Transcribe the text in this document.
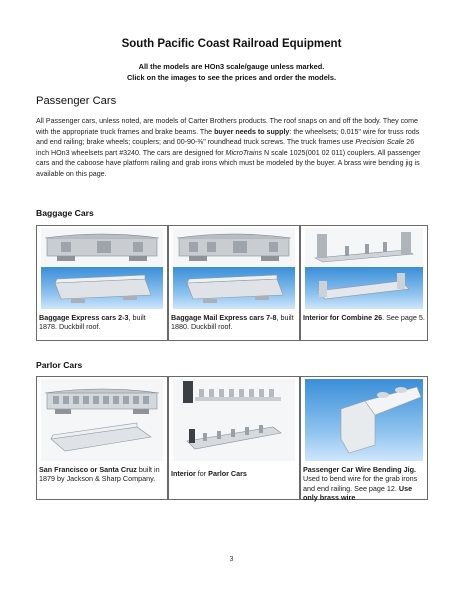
South Pacific Coast Railroad Equipment
All the models are HOn3 scale/gauge unless marked.
Click on the images to see the prices and order the models.
Passenger Cars
All Passenger cars, unless noted, are models of Carter Brothers products. The roof snaps on and off the body. They come with the appropriate truck frames and brake beams. The buyer needs to supply: the wheelsets; 0.015" wire for truss rods and end railing; brake wheels; couplers; and 00-90-⅜" roundhead truck screws. The truck frames use Precision Scale 26 inch HOn3 wheelsets part #3240. The cars are designed for MicroTrains N scale 1025(001 02 011) couplers. All passenger cars and the caboose have platform railing and grab irons which must be modeled by the buyer. A brass wire bending jig is available on this page.
Baggage Cars
Baggage Express cars 2-3, built 1878. Duckbill roof.
Baggage Mail Express cars 7-8, built 1880. Duckbill roof.
Interior for Combine 26. See page 5.
Parlor Cars
San Francisco or Santa Cruz built in 1879 by Jackson & Sharp Company.
Interior for Parlor Cars	Passenger Car Wire Bending Jig. Used to bend wire for the grab irons and end railing. See page 12. Use only brass wire
3
